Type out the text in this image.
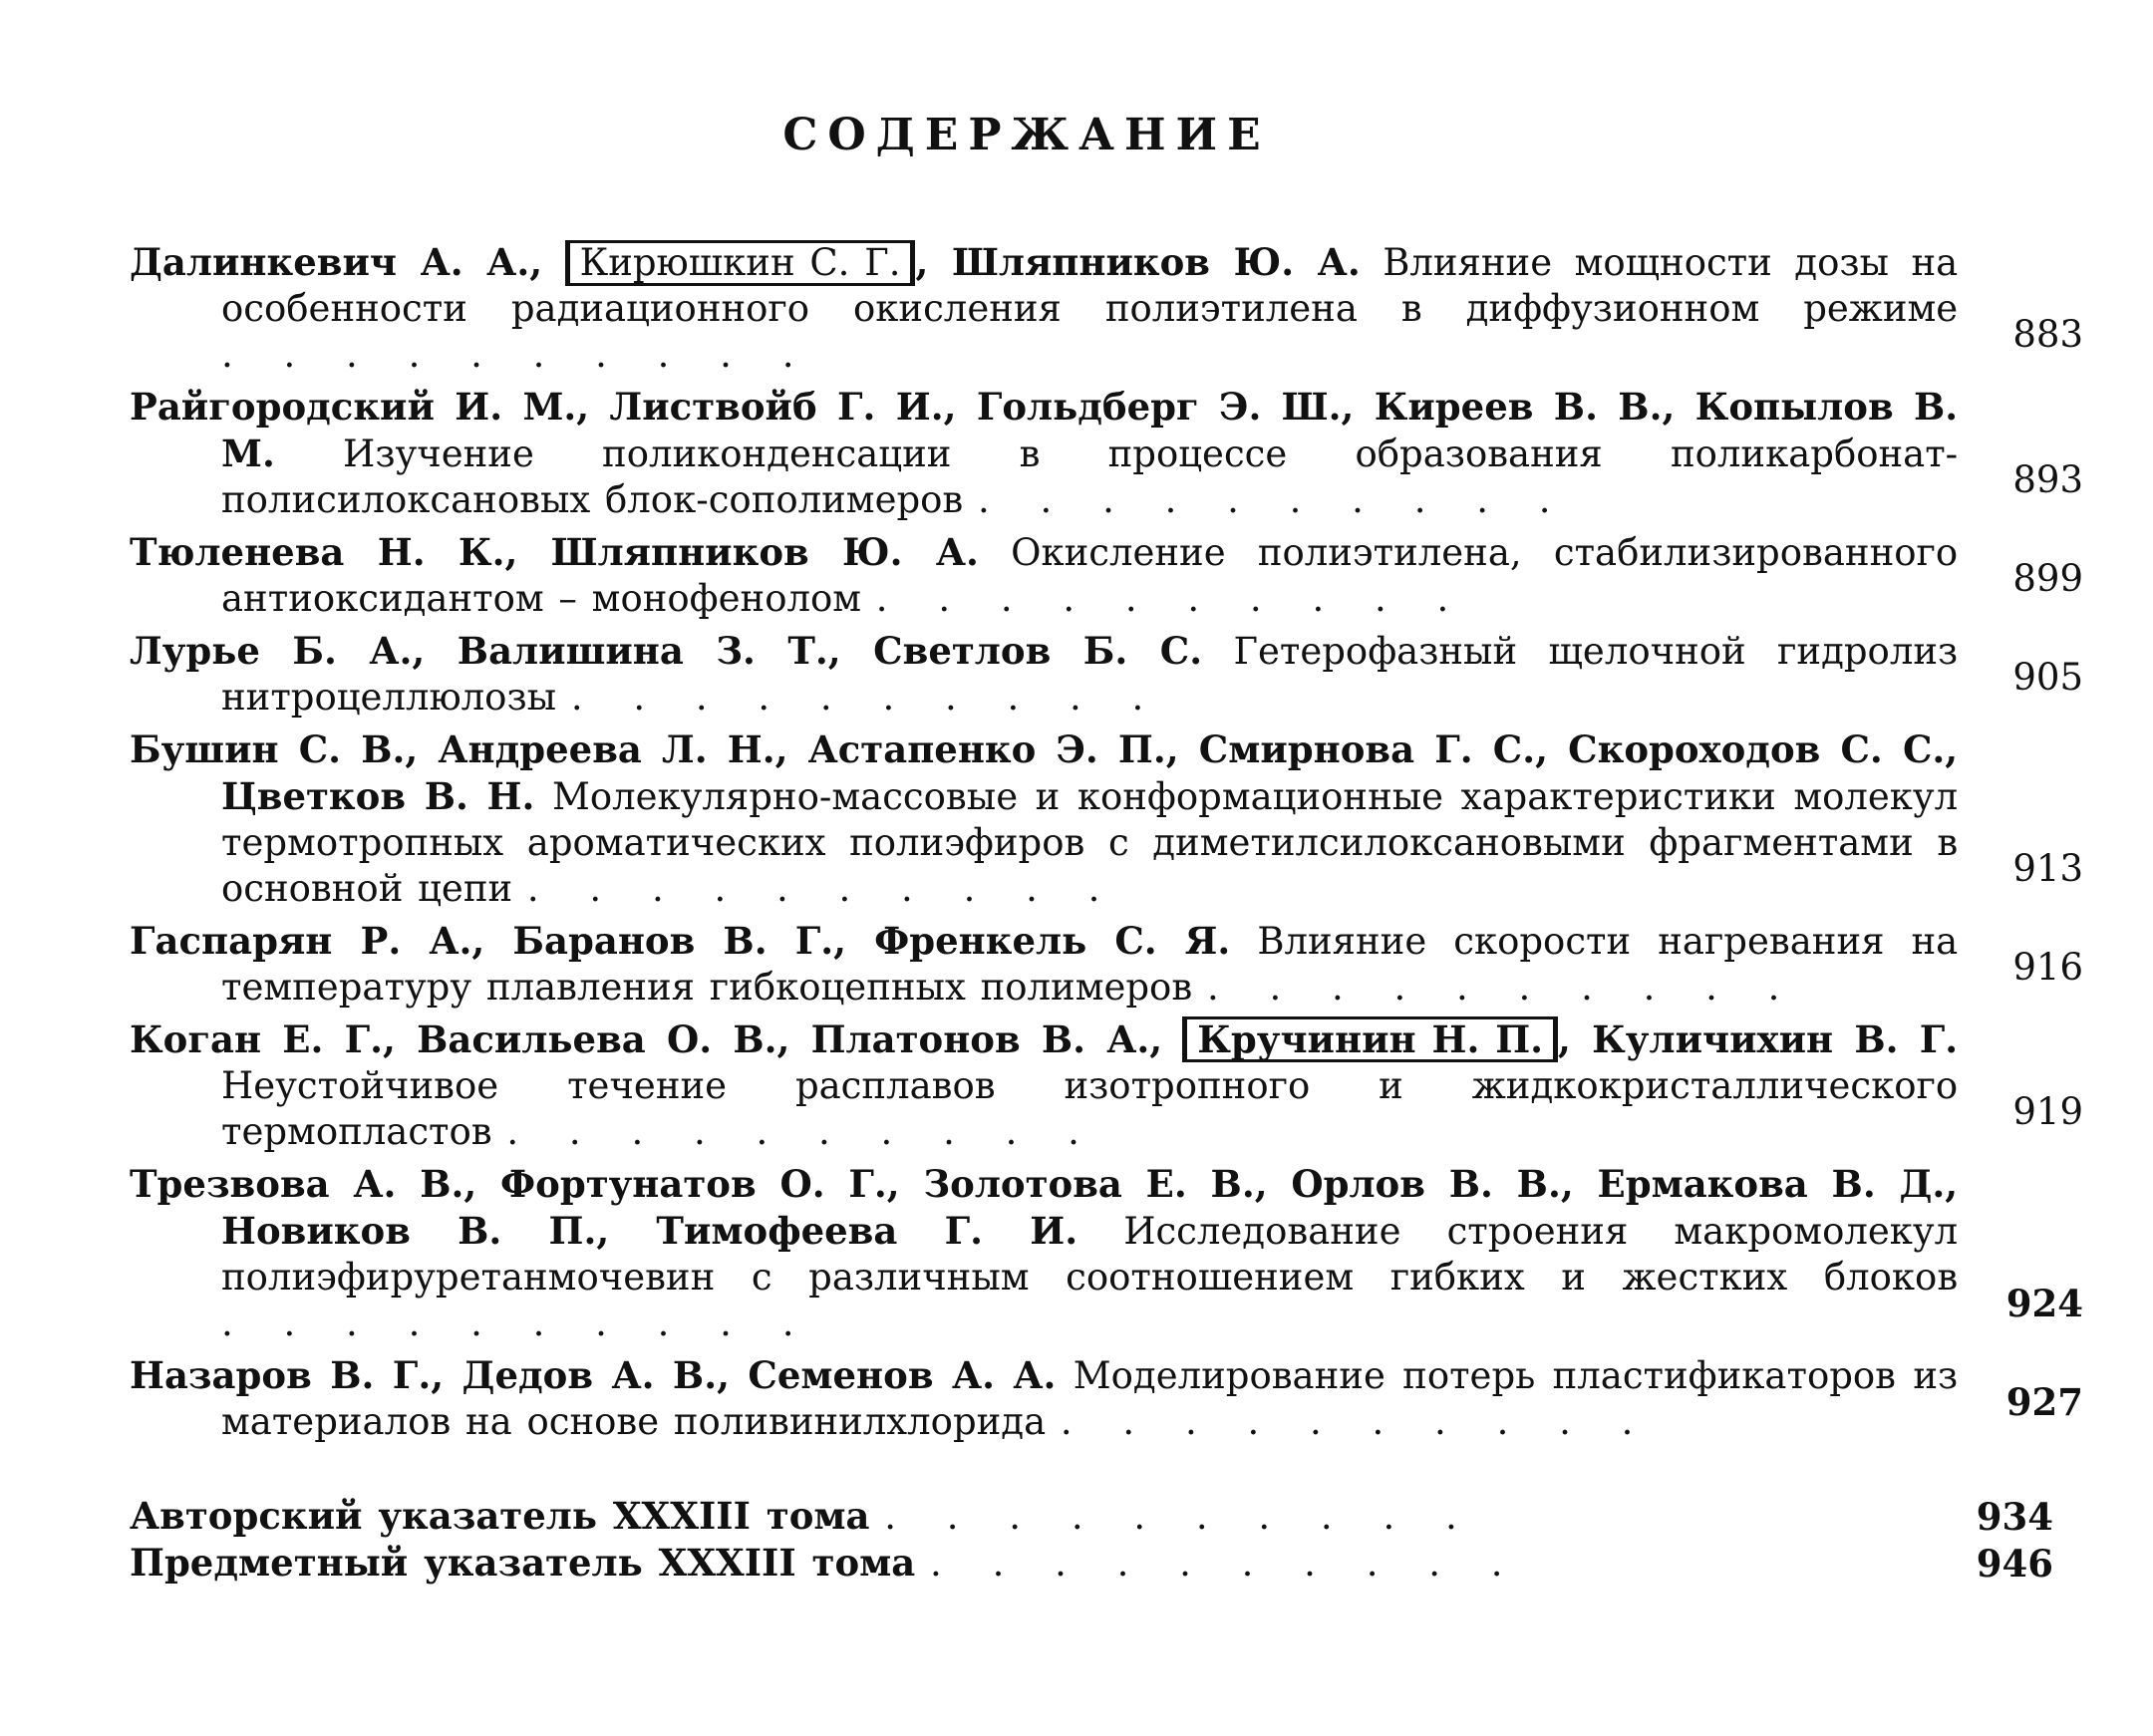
СОДЕРЖАНИЕ
Далинкевич А. А., Кирюшкин С. Г. , Шляпников Ю. А. Влияние мощности дозы на особенности радиационного окисления полиэтилена в диффузионном режиме . . . . . . . . . .	883
Райгородский И. М., Листвойб Г. И., Гольдберг Э. Ш., Киреев В. В., Копылов В. М. Изучение поликонденсации в процессе образования поликарбонат-полисилоксановых блок-сополимеров . . . . . . . . . .	893
Тюленева Н. К., Шляпников Ю. А. Окисление полиэтилена, стабилизированного антиоксидантом – монофенолом . . . . . . . . . .	899
Лурье Б. А., Валишина З. Т., Светлов Б. С. Гетерофазный щелочной гидролиз нитроцеллюлозы . . . . . . . . . .	905
Бушин С. В., Андреева Л. Н., Астапенко Э. П., Смирнова Г. С., Скороходов С. С., Цветков В. Н. Молекулярно-массовые и конформационные характеристики молекул термотропных ароматических полиэфиров с диметилсилоксановыми фрагментами в основной цепи . . . . . . . . . .	913
Гаспарян Р. А., Баранов В. Г., Френкель С. Я. Влияние скорости нагревания на температуру плавления гибкоцепных полимеров . . . . . . . . . .	916
Коган Е. Г., Васильева О. В., Платонов В. А., Кручинин Н. П. , Куличихин В. Г. Неустойчивое течение расплавов изотропного и жидкокристаллического термопластов . . . . . . . . . .	919
Трезвова А. В., Фортунатов О. Г., Золотова Е. В., Орлов В. В., Ермакова В. Д., Новиков В. П., Тимофеева Г. И. Исследование строения макромолекул полиэфируретанмочевин с различным соотношением гибких и жестких блоков . . . . . . . . . .	924
Назаров В. Г., Дедов А. В., Семенов А. А. Моделирование потерь пластификаторов из материалов на основе поливинилхлорида . . . . . . . . . .	927
Авторский указатель XXXIII тома . . . . . . . . . .	934
Предметный указатель XXXIII тома . . . . . . . . . .	946
